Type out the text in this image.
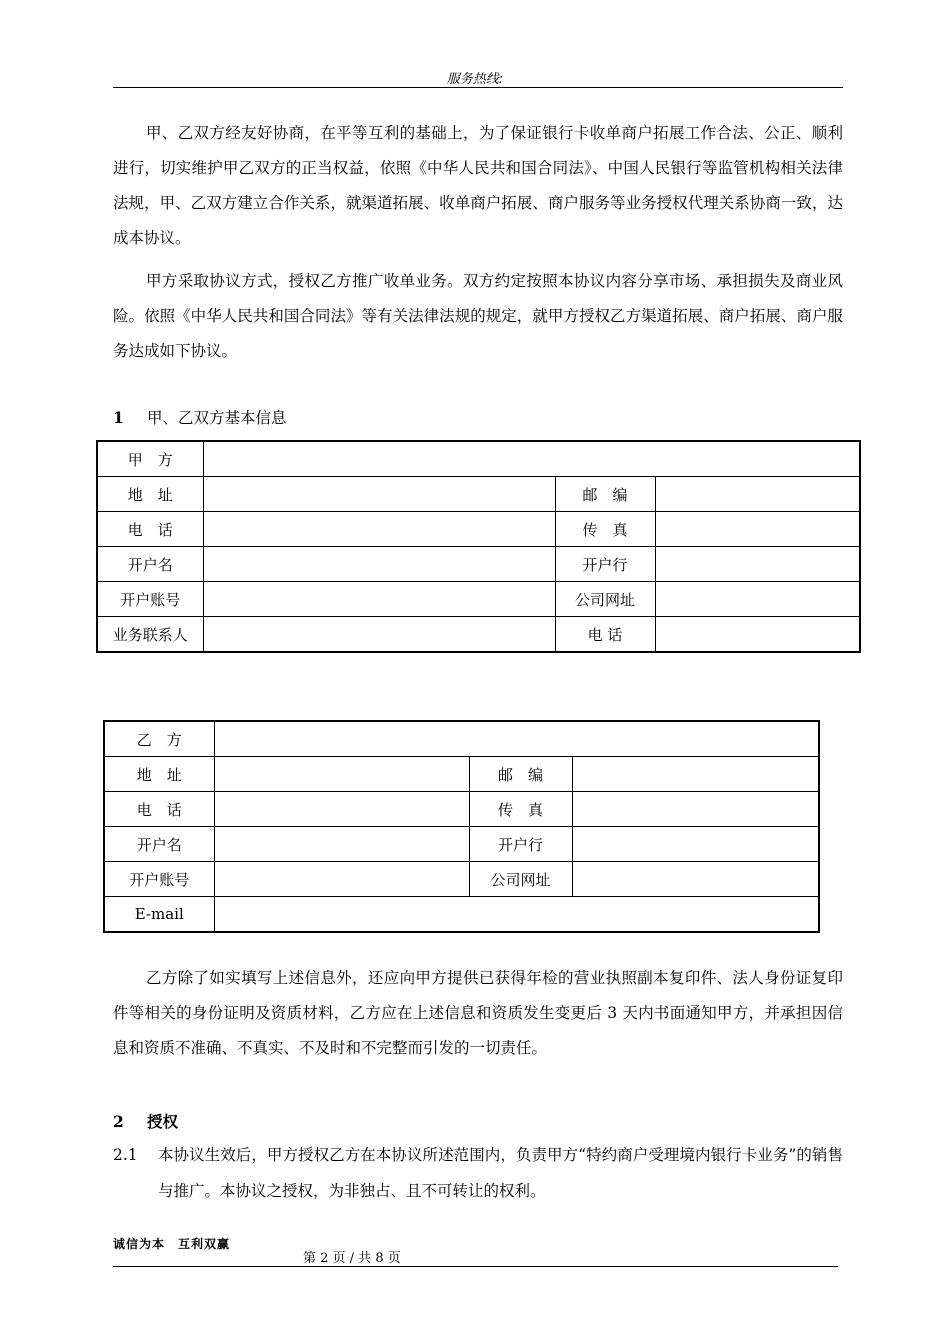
服务热线:

甲、乙双方经友好协商，在平等互利的基础上，为了保证银行卡收单商户拓展工作合法、公正、顺利进行，切实维护甲乙双方的正当权益，依照《中华人民共和国合同法》、中国人民银行等监管机构相关法律法规，甲、乙双方建立合作关系，就渠道拓展、收单商户拓展、商户服务等业务授权代理关系协商一致，达成本协议。

甲方采取协议方式，授权乙方推广收单业务。双方约定按照本协议内容分享市场、承担损失及商业风险。依照《中华人民共和国合同法》等有关法律法规的规定，就甲方授权乙方渠道拓展、商户拓展、商户服务达成如下协议。

1 甲、乙双方基本信息
甲　方			
地　址		邮　编	
电　话		传　真	
开户名		开户行	
开户账号		公司网址	
业务联系人		电 话	
乙　方			
地　址		邮　编	
电　话		传　真	
开户名		开户行	
开户账号		公司网址	
E-mail			

乙方除了如实填写上述信息外，还应向甲方提供已获得年检的营业执照副本复印件、法人身份证复印件等相关的身份证明及资质材料，乙方应在上述信息和资质发生变更后 3 天内书面通知甲方，并承担因信息和资质不准确、不真实、不及时和不完整而引发的一切责任。

2 授权
2.1	本协议生效后，甲方授权乙方在本协议所述范围内，负责甲方“特约商户受理境内银行卡业务”的销售与推广。本协议之授权，为非独占、且不可转让的权利。

诚信为本　互利双赢
第 2 页 / 共 8 页
